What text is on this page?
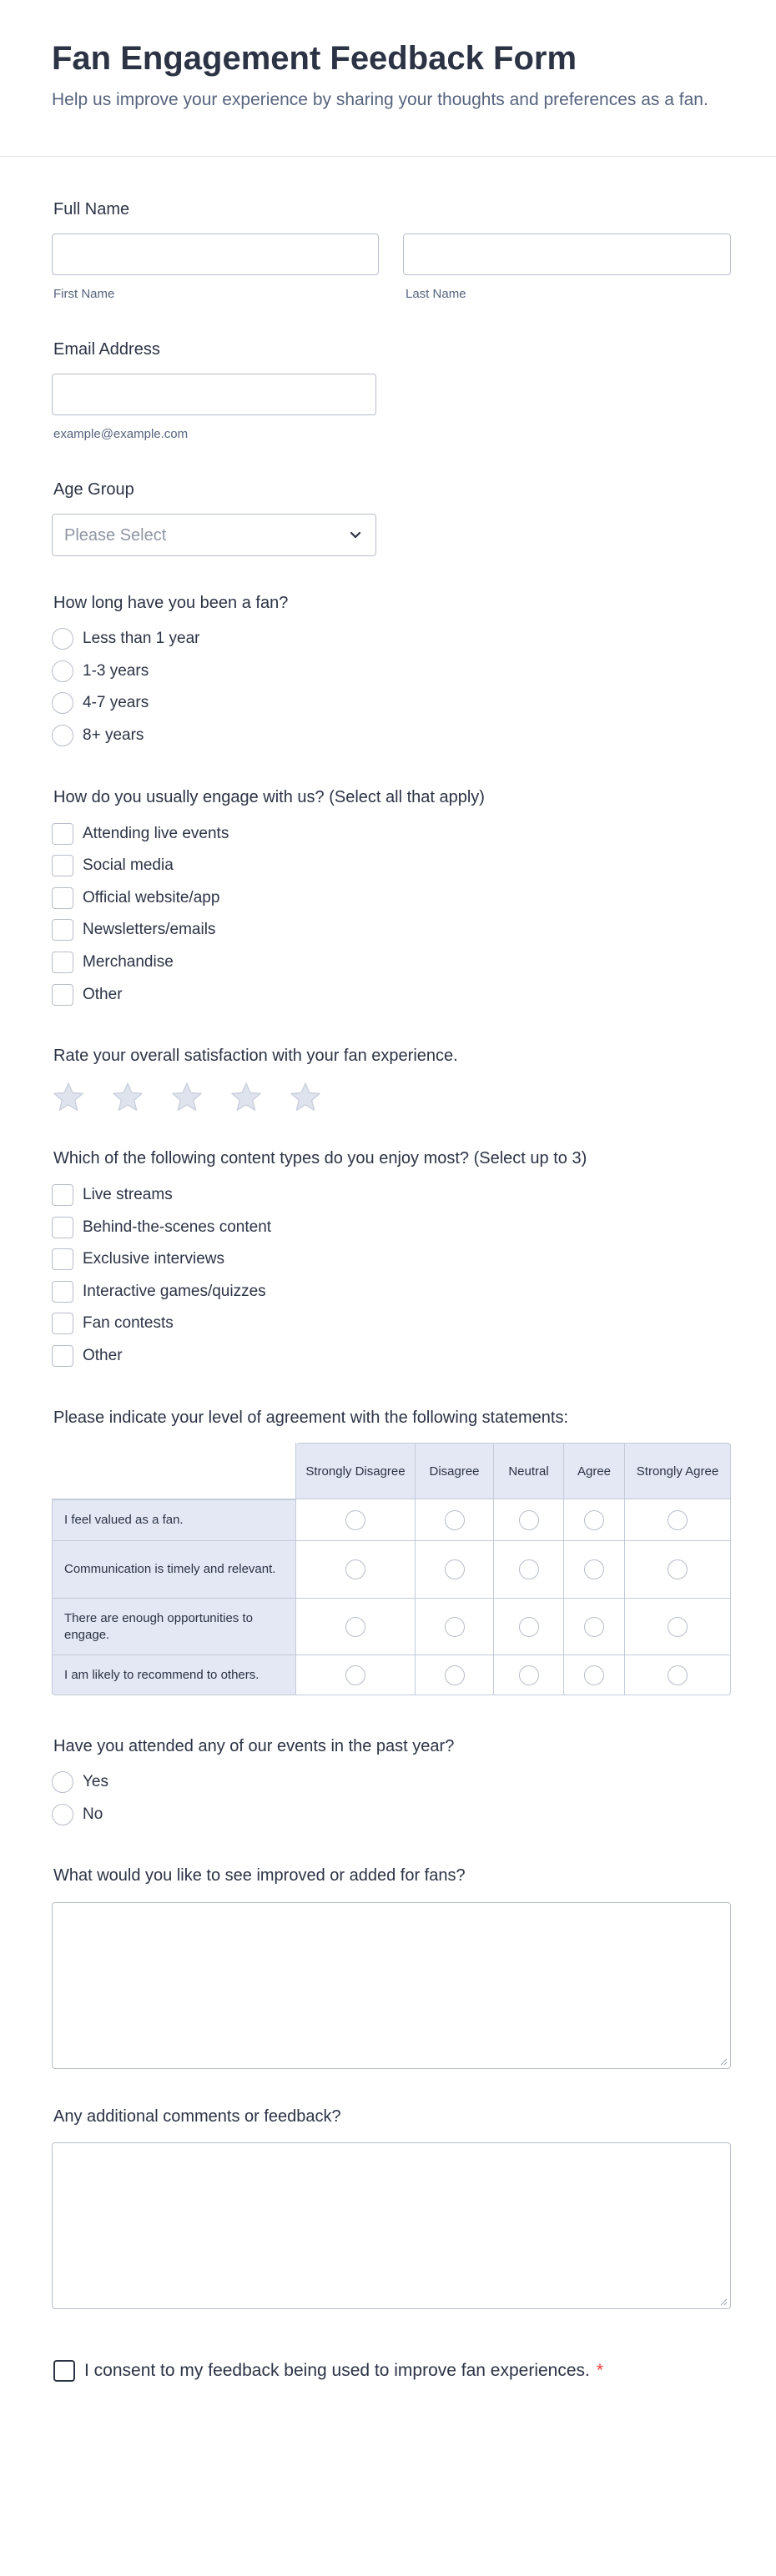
Fan Engagement Feedback Form

Help us improve your experience by sharing your thoughts and preferences as a fan.

Full Name
First Name	Last Name
Email Address
example@example.com
Age Group
Please Select
How long have you been a fan?
Less than 1 year
1-3 years
4-7 years
8+ years
How do you usually engage with us? (Select all that apply)
Attending live events
Social media
Official website/app
Newsletters/emails
Merchandise
Other
Rate your overall satisfaction with your fan experience.
Which of the following content types do you enjoy most? (Select up to 3)
Live streams
Behind-the-scenes content
Exclusive interviews
Interactive games/quizzes
Fan contests
Other
Please indicate your level of agreement with the following statements:
	Strongly Disagree	Disagree	Neutral	Agree	Strongly Agree
I feel valued as a fan.					
Communication is timely and relevant.					
There are enough opportunities to engage.					
I am likely to recommend to others.					
Have you attended any of our events in the past year?
Yes
No
What would you like to see improved or added for fans?
Any additional comments or feedback?
I consent to my feedback being used to improve fan experiences. *
